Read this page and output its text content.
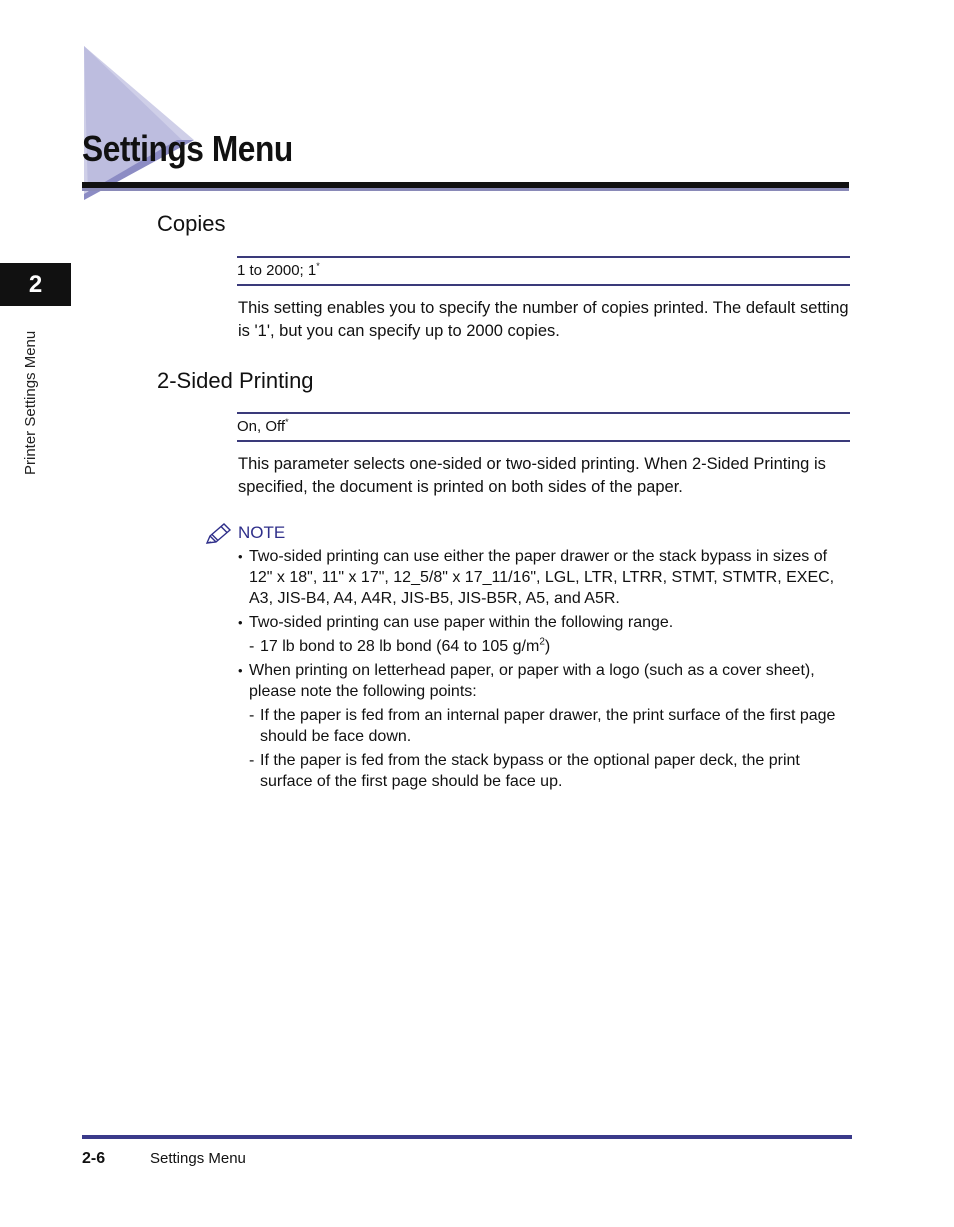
Settings Menu
2
Printer Settings Menu
Copies
1 to 2000; 1*

This setting enables you to specify the number of copies printed. The default setting is '1', but you can specify up to 2000 copies.

2-Sided Printing
On, Off*

This parameter selects one-sided or two-sided printing. When 2-Sided Printing is specified, the document is printed on both sides of the paper.

NOTE

• Two-sided printing can use either the paper drawer or the stack bypass in sizes of 12" x 18", 11" x 17", 12_5/8" x 17_11/16", LGL, LTR, LTRR, STMT, STMTR, EXEC, A3, JIS-B4, A4, A4R, JIS-B5, JIS-B5R, A5, and A5R.

• Two-sided printing can use paper within the following range.

- 17 lb bond to 28 lb bond (64 to 105 $g/m^2$)

• When printing on letterhead paper, or paper with a logo (such as a cover sheet), please note the following points:

- If the paper is fed from an internal paper drawer, the print surface of the first page should be face down.

- If the paper is fed from the stack bypass or the optional paper deck, the print surface of the first page should be face up.

2-6	Settings Menu
